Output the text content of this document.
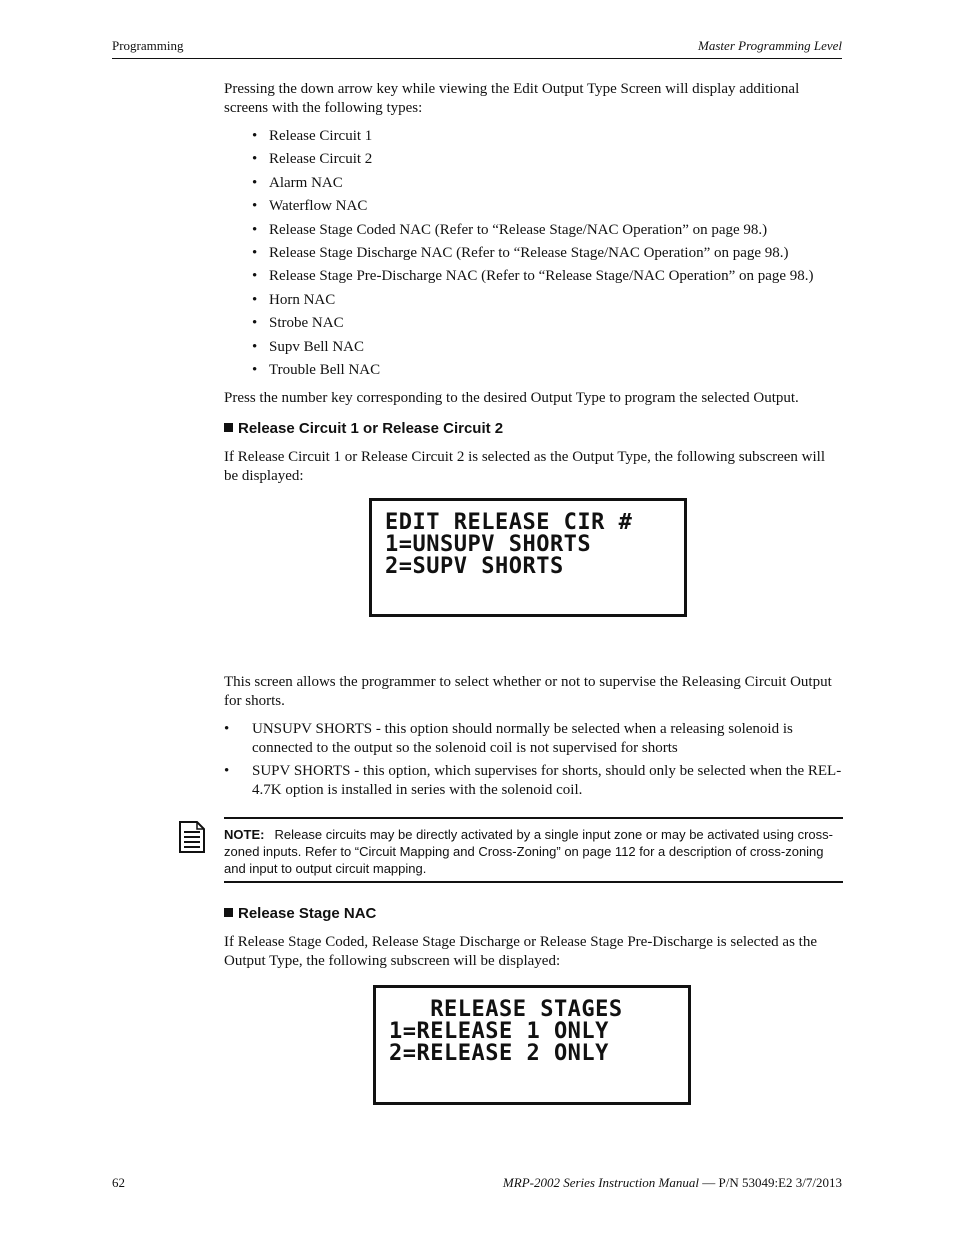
Programming	Master Programming Level
Pressing the down arrow key while viewing the Edit Output Type Screen will display additional screens with the following types:
• Release Circuit 1
• Release Circuit 2
• Alarm NAC
• Waterflow NAC
• Release Stage Coded NAC (Refer to “Release Stage/NAC Operation” on page 98.)
• Release Stage Discharge NAC (Refer to “Release Stage/NAC Operation” on page 98.)
• Release Stage Pre-Discharge NAC (Refer to “Release Stage/NAC Operation” on page 98.)
• Horn NAC
• Strobe NAC
• Supv Bell NAC
• Trouble Bell NAC
Press the number key corresponding to the desired Output Type to program the selected Output.
Release Circuit 1 or Release Circuit 2
If Release Circuit 1 or Release Circuit 2 is selected as the Output Type, the following subscreen will be displayed:
EDIT RELEASE CIR #
1=UNSUPV SHORTS
2=SUPV SHORTS
This screen allows the programmer to select whether or not to supervise the Releasing Circuit Output for shorts.
• UNSUPV SHORTS - this option should normally be selected when a releasing solenoid is connected to the output so the solenoid coil is not supervised for shorts
• SUPV SHORTS - this option, which supervises for shorts, should only be selected when the REL-4.7K option is installed in series with the solenoid coil.
NOTE: Release circuits may be directly activated by a single input zone or may be activated using cross-zoned inputs. Refer to “Circuit Mapping and Cross-Zoning” on page 112 for a description of cross-zoning and input to output circuit mapping.
Release Stage NAC
If Release Stage Coded, Release Stage Discharge or Release Stage Pre-Discharge is selected as the Output Type, the following subscreen will be displayed:
RELEASE STAGES
1=RELEASE 1 ONLY
2=RELEASE 2 ONLY
62	MRP-2002 Series Instruction Manual — P/N 53049:E2 3/7/2013
